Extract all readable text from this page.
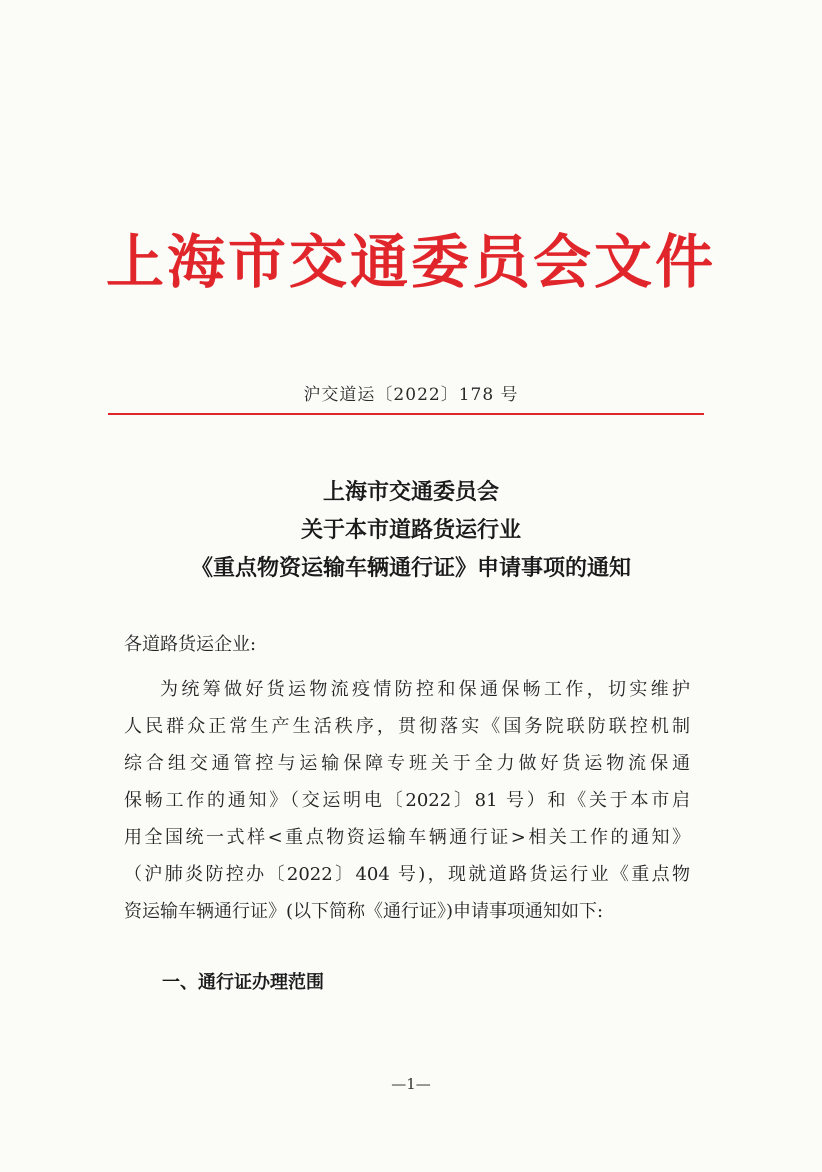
上海市交通委员会文件
沪交道运〔2022〕178 号
上海市交通委员会
关于本市道路货运行业
《重点物资运输车辆通行证》申请事项的通知
各道路货运企业:
为统筹做好货运物流疫情防控和保通保畅工作，切实维护
人民群众正常生产生活秩序，贯彻落实《国务院联防联控机制
综合组交通管控与运输保障专班关于全力做好货运物流保通
保畅工作的通知》（交运明电〔2022〕81 号）和《关于本市启
用全国统一式样<重点物资运输车辆通行证>相关工作的通知》
（沪肺炎防控办〔2022〕404 号)，现就道路货运行业《重点物
资运输车辆通行证》(以下简称《通行证》)申请事项通知如下:
一、通行证办理范围
—1—
